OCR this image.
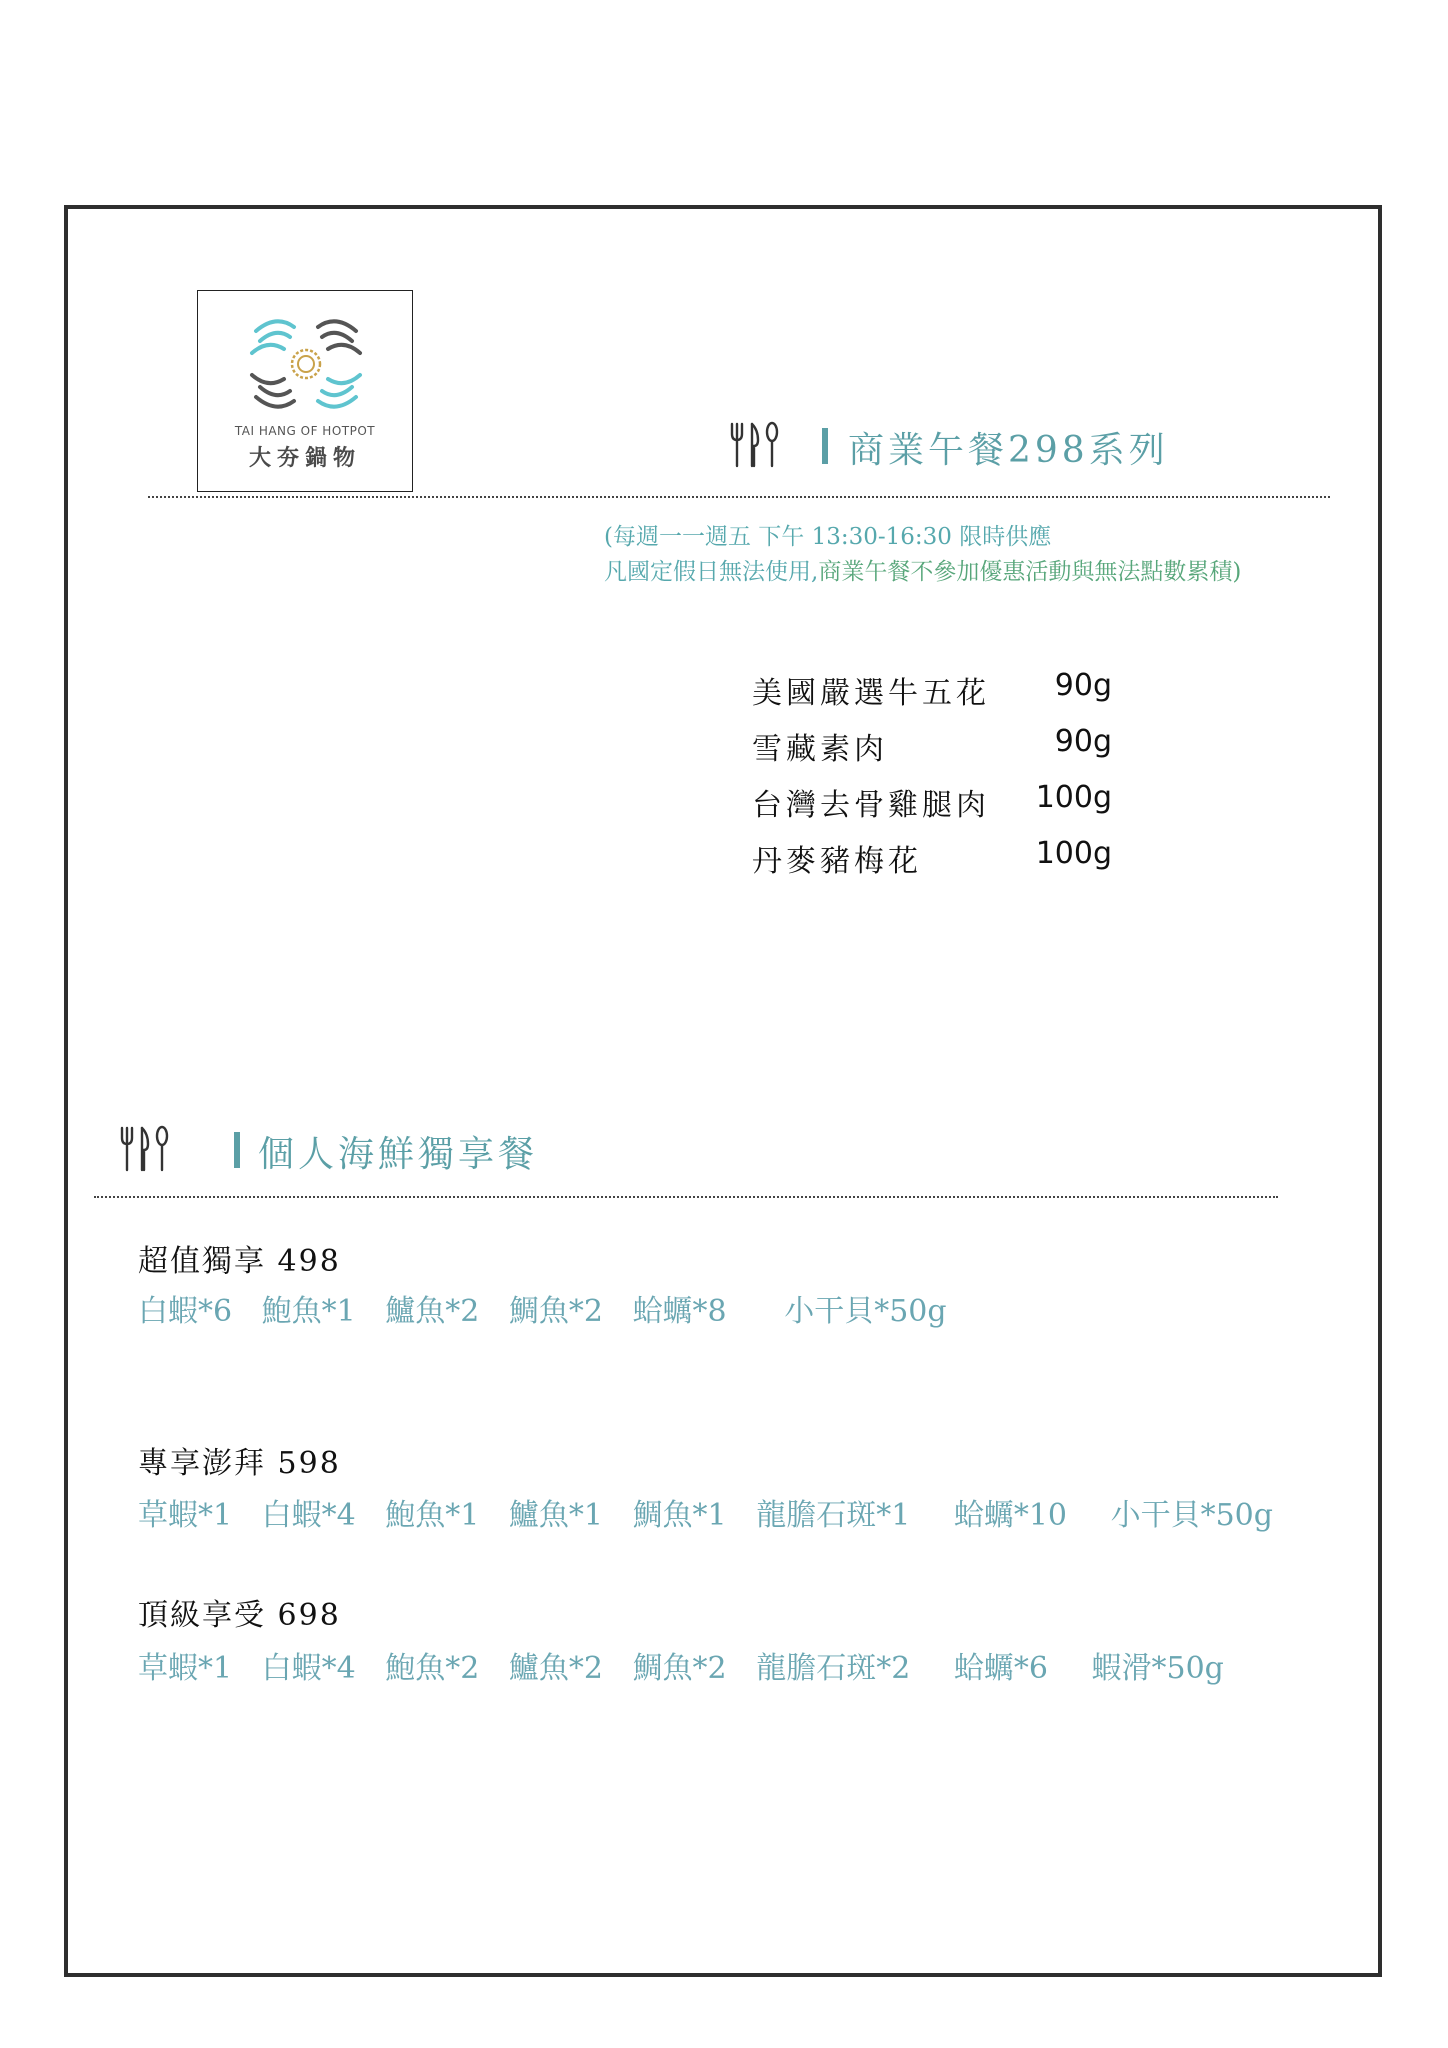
TAI HANG OF HOTPOT
大夯鍋物	商業午餐298系列
(每週一一週五 下午 13:30-16:30 限時供應
凡國定假日無法使用,商業午餐不參加優惠活動與無法點數累積)
美國嚴選牛五花 90g
雪藏素肉	90g
台灣去骨雞腿肉 100g
丹麥豬梅花	100g
個人海鮮獨享餐
超值獨享 498
白蝦*6 鮑魚*1 鱸魚*2 鯛魚*2 蛤蠣*8 小干貝*50g
專享澎拜 598
草蝦*1 白蝦*4 鮑魚*1 鱸魚*1 鯛魚*1 龍膽石斑*1 蛤蠣*10 小干貝*50g
頂級享受 698
草蝦*1 白蝦*4 鮑魚*2 鱸魚*2 鯛魚*2 龍膽石斑*2 蛤蠣*6 蝦滑*50g
